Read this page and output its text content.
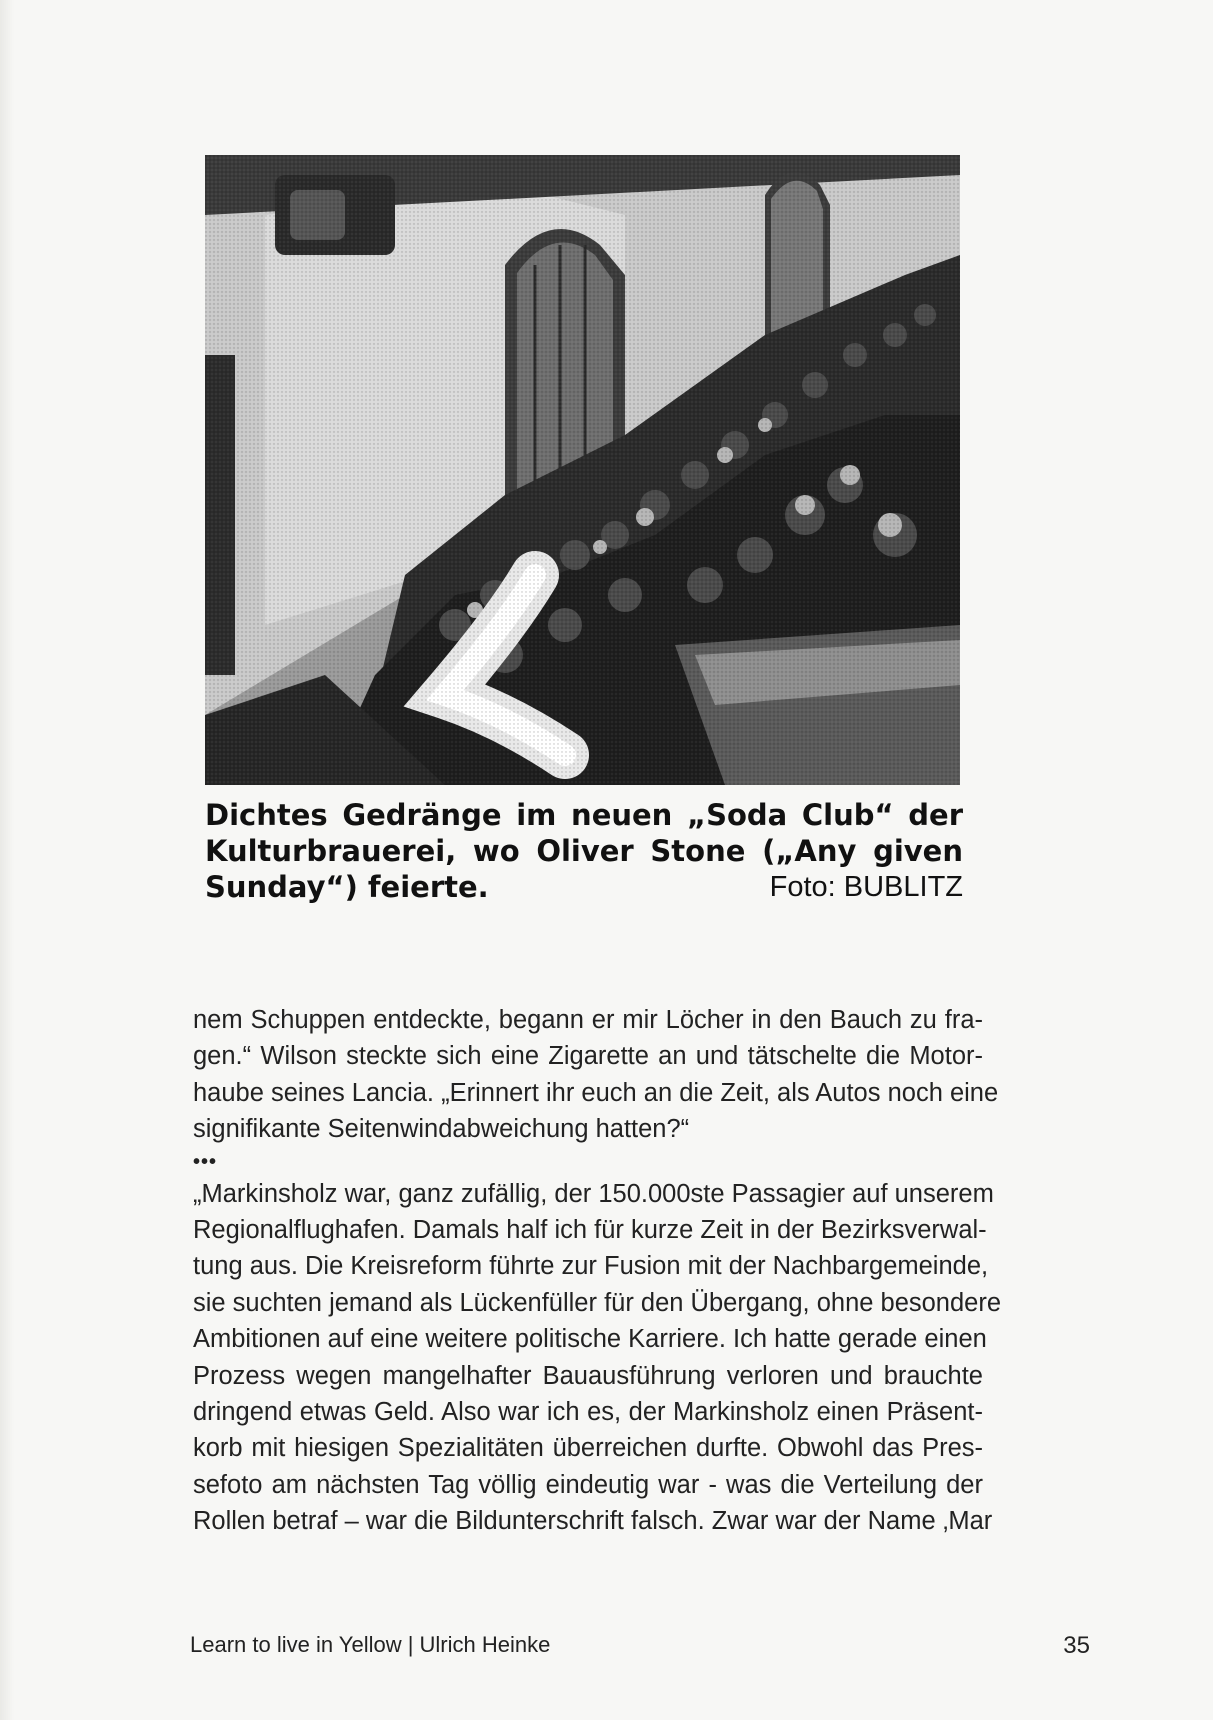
Dichtes Gedränge im neuen „Soda Club“ der
Kulturbrauerei, wo Oliver Stone („Any given
Sunday“) feierte.	Foto: BUBLITZ
nem Schuppen entdeckte, begann er mir Löcher in den Bauch zu fra-
gen.“ Wilson steckte sich eine Zigarette an und tätschelte die Motor-
haube seines Lancia. „Erinnert ihr euch an die Zeit, als Autos noch eine
signifikante Seitenwindabweichung hatten?“
•••
„Markinsholz war, ganz zufällig, der 150.000ste Passagier auf unserem
Regionalflughafen. Damals half ich für kurze Zeit in der Bezirksverwal-
tung aus. Die Kreisreform führte zur Fusion mit der Nachbargemeinde,
sie suchten jemand als Lückenfüller für den Übergang, ohne besondere
Ambitionen auf eine weitere politische Karriere. Ich hatte gerade einen
Prozess wegen mangelhafter Bauausführung verloren und brauchte
dringend etwas Geld. Also war ich es, der Markinsholz einen Präsent-
korb mit hiesigen Spezialitäten überreichen durfte. Obwohl das Pres-
sefoto am nächsten Tag völlig eindeutig war - was die Verteilung der
Rollen betraf – war die Bildunterschrift falsch. Zwar war der Name ‚Mar
Learn to live in Yellow | Ulrich Heinke	35
